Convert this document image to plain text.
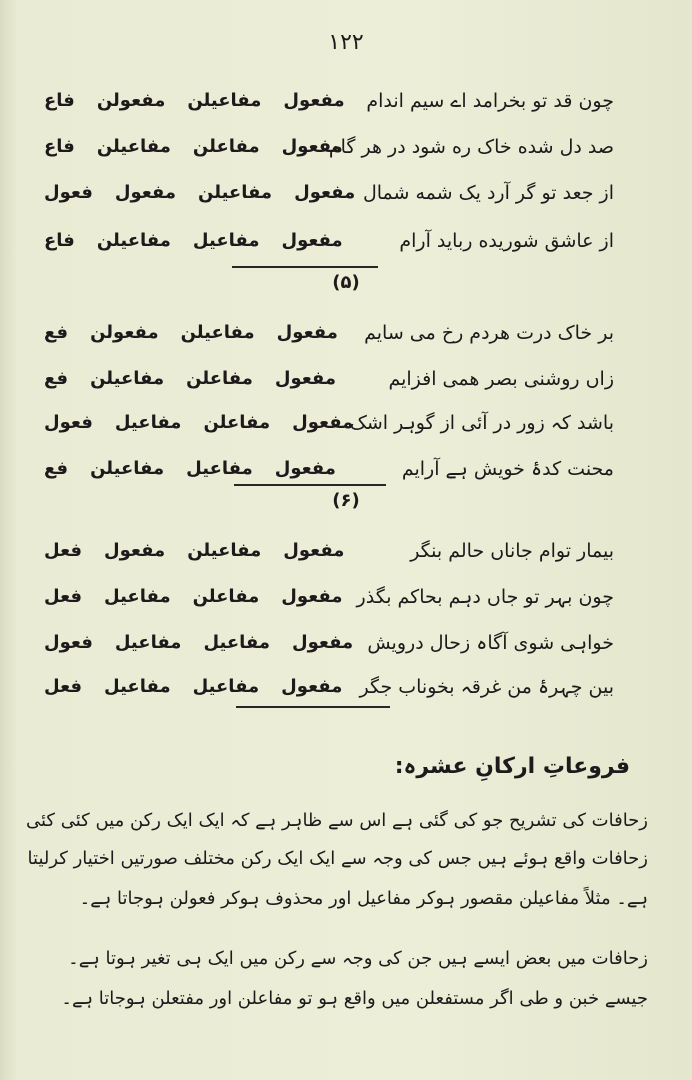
۱۲۲
چون قد تو بخرامد اے سیم اندام
مفعول
مفاعیلن
مفعولن
فاع
صد دل شده خاک ره شود در هر گام
مفعول
مفاعلن
مفاعیلن
فاع
از جعد تو گر آرد یک شمه شمال
مفعول
مفاعیلن
مفعول
فعول
از عاشق شوریده رباید آرام
مفعول
مفاعیل
مفاعیلن
فاع
(۵)
بر خاک درت هردم رخ می سایم
مفعول
مفاعیلن
مفعولن
فع
زاں روشنی بصر همی افزایم
مفعول
مفاعلن
مفاعیلن
فع
باشد کہ زور در آئی از گوہر اشک
مفعول
مفاعلن
مفاعیل
فعول
محنت کدۂ خویش ہے آرایم
مفعول
مفاعیل
مفاعیلن
فع
(۶)
بیمار توام جاناں حالم بنگر
مفعول
مفاعیلن
مفعول
فعل
چون بہر تو جاں دہم بحاکم بگذر
مفعول
مفاعلن
مفاعیل
فعل
خواہی شوی آگاہ زحال درویش
مفعول
مفاعیل
مفاعیل
فعول
بین چہرۂ من غرقہ بخوناب جگر
مفعول
مفاعیل
مفاعیل
فعل
فروعاتِ ارکانِ عشرہ:
زحافات کی تشریح جو کی گئی ہے اس سے ظاہر ہے کہ ایک ایک رکن میں کئی کئی
زحافات واقع ہوئے ہیں جس کی وجہ سے ایک ایک رکن مختلف صورتیں اختیار کرلیتا
ہے۔ مثلاً مفاعیلن مقصور ہوکر مفاعیل اور محذوف ہوکر فعولن ہوجاتا ہے۔
زحافات میں بعض ایسے ہیں جن کی وجہ سے رکن میں ایک ہی تغیر ہوتا ہے۔
جیسے خبن و طی اگر مستفعلن میں واقع ہو تو مفاعلن اور مفتعلن ہوجاتا ہے۔
